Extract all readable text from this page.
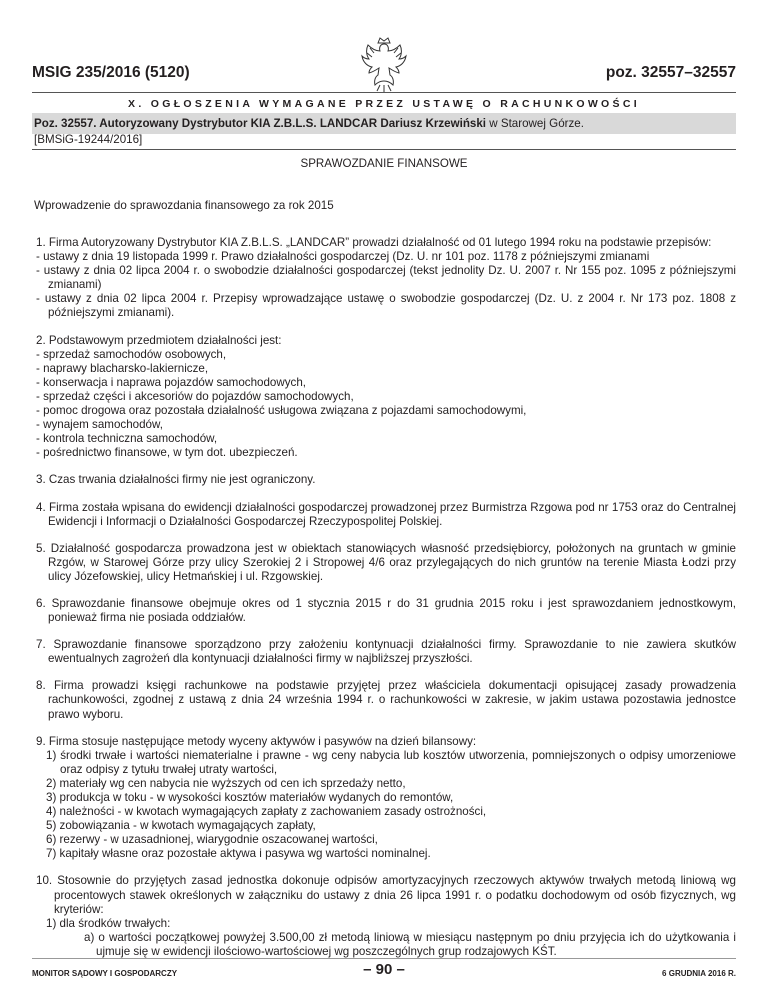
MSIG 235/2016 (5120)	poz. 32557–32557
X. OGŁOSZENIA WYMAGANE PRZEZ USTAWĘ O RACHUNKOWOŚCI
Poz. 32557. Autoryzowany Dystrybutor KIA Z.B.L.S. LANDCAR Dariusz Krzewiński w Starowej Górze.
[BMSiG-19244/2016]
SPRAWOZDANIE FINANSOWE
Wprowadzenie do sprawozdania finansowego za rok 2015
1. Firma Autoryzowany Dystrybutor KIA Z.B.L.S. „LANDCAR” prowadzi działalność od 01 lutego 1994 roku na podstawie przepisów:
- ustawy z dnia 19 listopada 1999 r. Prawo działalności gospodarczej (Dz. U. nr 101 poz. 1178 z późniejszymi zmianami
- ustawy z dnia 02 lipca 2004 r. o swobodzie działalności gospodarczej (tekst jednolity Dz. U. 2007 r. Nr 155 poz. 1095 z późniejszymi zmianami)
- ustawy z dnia 02 lipca 2004 r. Przepisy wprowadzające ustawę o swobodzie gospodarczej (Dz. U. z 2004 r. Nr 173 poz. 1808 z późniejszymi zmianami).
2. Podstawowym przedmiotem działalności jest:
- sprzedaż samochodów osobowych,
- naprawy blacharsko-lakiernicze,
- konserwacja i naprawa pojazdów samochodowych,
- sprzedaż części i akcesoriów do pojazdów samochodowych,
- pomoc drogowa oraz pozostała działalność usługowa związana z pojazdami samochodowymi,
- wynajem samochodów,
- kontrola techniczna samochodów,
- pośrednictwo finansowe, w tym dot. ubezpieczeń.
3. Czas trwania działalności firmy nie jest ograniczony.
4. Firma została wpisana do ewidencji działalności gospodarczej prowadzonej przez Burmistrza Rzgowa pod nr 1753 oraz do Centralnej Ewidencji i Informacji o Działalności Gospodarczej Rzeczypospolitej Polskiej.
5. Działalność gospodarcza prowadzona jest w obiektach stanowiących własność przedsiębiorcy, położonych na gruntach w gminie Rzgów, w Starowej Górze przy ulicy Szerokiej 2 i Stropowej 4/6 oraz przylegających do nich gruntów na terenie Miasta Łodzi przy ulicy Józefowskiej, ulicy Hetmańskiej i ul. Rzgowskiej.
6. Sprawozdanie finansowe obejmuje okres od 1 stycznia 2015 r do 31 grudnia 2015 roku i jest sprawozdaniem jednostkowym, ponieważ firma nie posiada oddziałów.
7. Sprawozdanie finansowe sporządzono przy założeniu kontynuacji działalności firmy. Sprawozdanie to nie zawiera skutków ewentualnych zagrożeń dla kontynuacji działalności firmy w najbliższej przyszłości.
8. Firma prowadzi księgi rachunkowe na podstawie przyjętej przez właściciela dokumentacji opisującej zasady prowadzenia rachunkowości, zgodnej z ustawą z dnia 24 września 1994 r. o rachunkowości w zakresie, w jakim ustawa pozostawia jednostce prawo wyboru.
9. Firma stosuje następujące metody wyceny aktywów i pasywów na dzień bilansowy:
1) środki trwałe i wartości niematerialne i prawne - wg ceny nabycia lub kosztów utworzenia, pomniejszonych o odpisy umorzeniowe oraz odpisy z tytułu trwałej utraty wartości,
2) materiały wg cen nabycia nie wyższych od cen ich sprzedaży netto,
3) produkcja w toku - w wysokości kosztów materiałów wydanych do remontów,
4) należności - w kwotach wymagających zapłaty z zachowaniem zasady ostrożności,
5) zobowiązania - w kwotach wymagających zapłaty,
6) rezerwy - w uzasadnionej, wiarygodnie oszacowanej wartości,
7) kapitały własne oraz pozostałe aktywa i pasywa wg wartości nominalnej.
10. Stosownie do przyjętych zasad jednostka dokonuje odpisów amortyzacyjnych rzeczowych aktywów trwałych metodą liniową wg procentowych stawek określonych w załączniku do ustawy z dnia 26 lipca 1991 r. o podatku dochodowym od osób fizycznych, wg kryteriów:
1) dla środków trwałych:
a) o wartości początkowej powyżej 3.500,00 zł metodą liniową w miesiącu następnym po dniu przyjęcia ich do użytkowania i ujmuje się w ewidencji ilościowo-wartościowej wg poszczególnych grup rodzajowych KŚT.
MONITOR SĄDOWY I GOSPODARCZY	– 90 –	6 GRUDNIA 2016 R.
